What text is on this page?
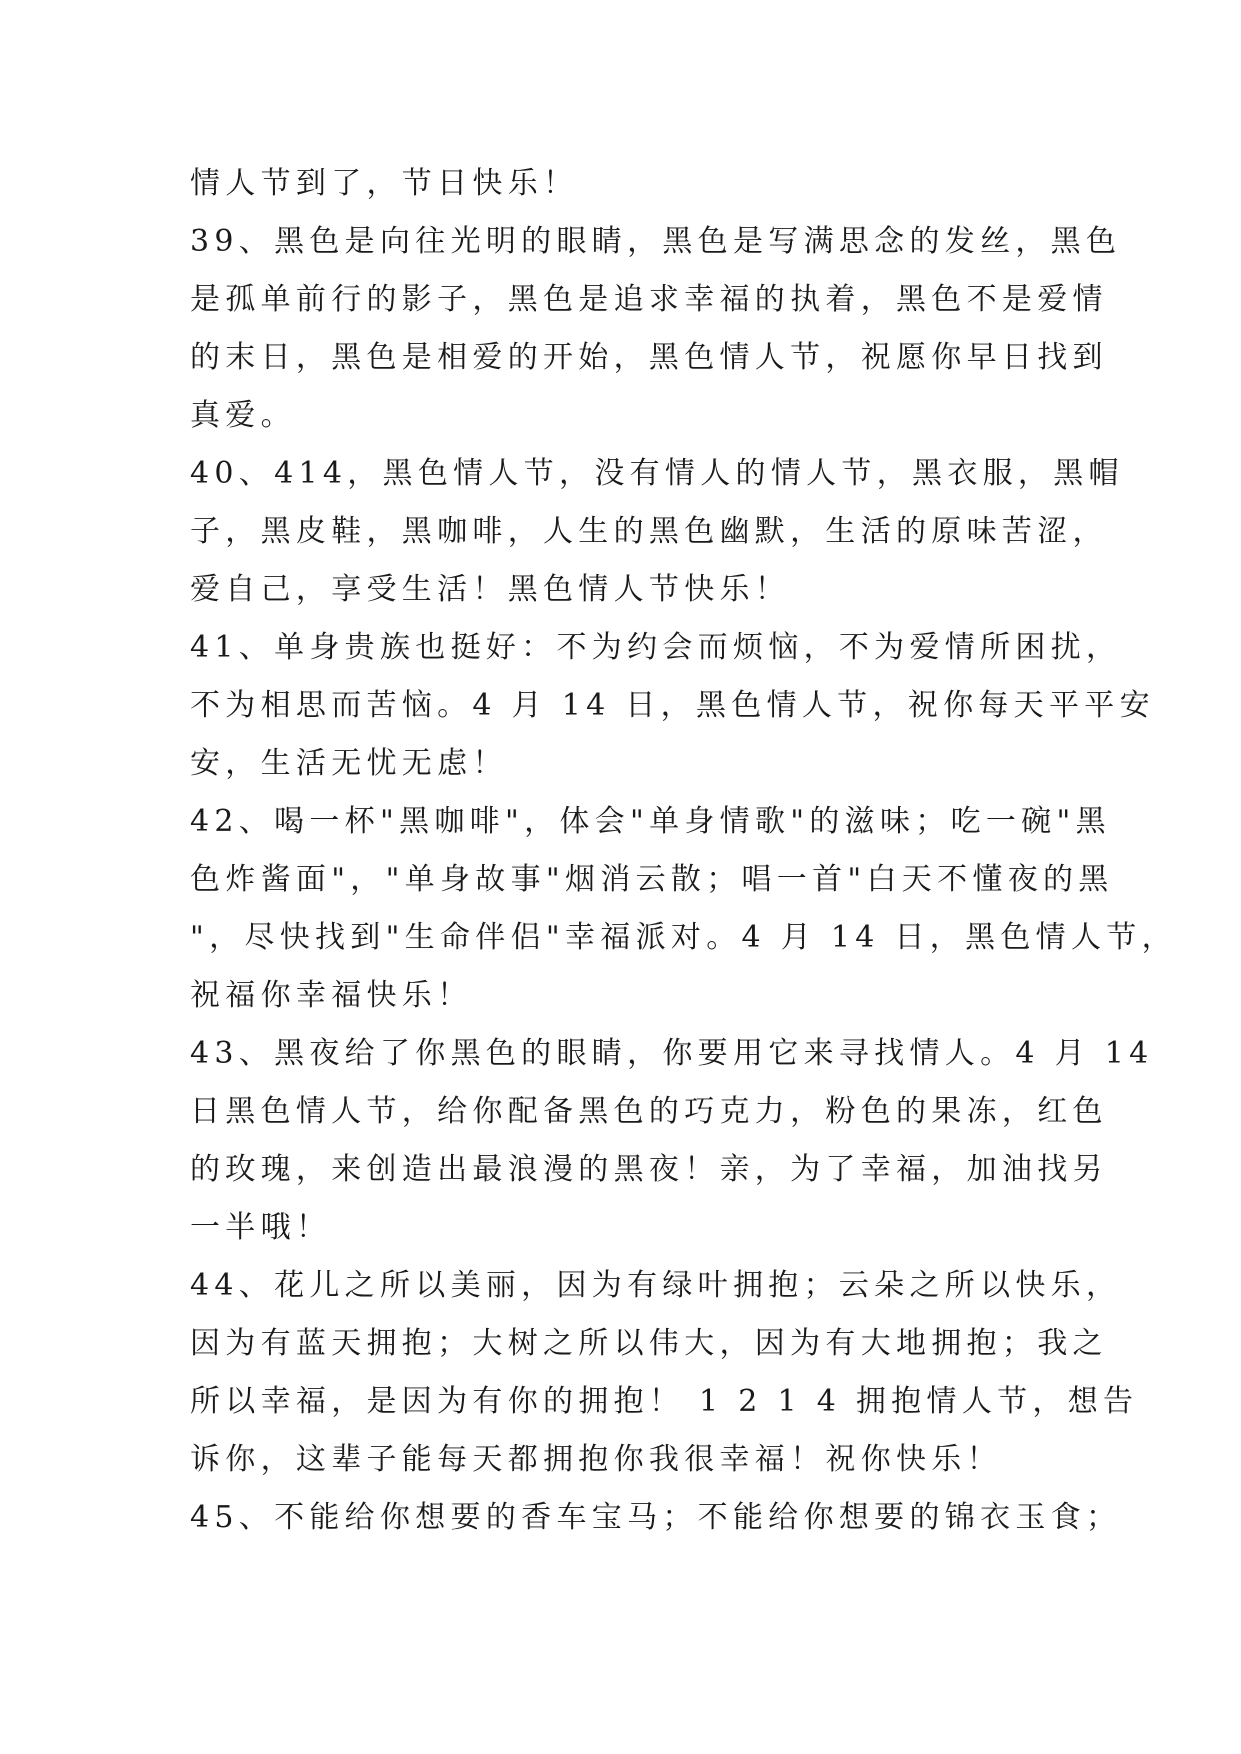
情人节到了，节日快乐！
39、黑色是向往光明的眼睛，黑色是写满思念的发丝，黑色
是孤单前行的影子，黑色是追求幸福的执着，黑色不是爱情
的末日，黑色是相爱的开始，黑色情人节，祝愿你早日找到
真爱。
40、414，黑色情人节，没有情人的情人节，黑衣服，黑帽
子，黑皮鞋，黑咖啡，人生的黑色幽默，生活的原味苦涩，
爱自己，享受生活！黑色情人节快乐！
41、单身贵族也挺好：不为约会而烦恼，不为爱情所困扰，
不为相思而苦恼。4 月 14 日，黑色情人节，祝你每天平平安
安，生活无忧无虑！
42、喝一杯"黑咖啡"，体会"单身情歌"的滋味；吃一碗"黑
色炸酱面"，"单身故事"烟消云散；唱一首"白天不懂夜的黑
"，尽快找到"生命伴侣"幸福派对。4 月 14 日，黑色情人节，
祝福你幸福快乐！
43、黑夜给了你黑色的眼睛，你要用它来寻找情人。4 月 14
日黑色情人节，给你配备黑色的巧克力，粉色的果冻，红色
的玫瑰，来创造出最浪漫的黑夜！亲，为了幸福，加油找另
一半哦！
44、花儿之所以美丽，因为有绿叶拥抱；云朵之所以快乐，
因为有蓝天拥抱；大树之所以伟大，因为有大地拥抱；我之
所以幸福，是因为有你的拥抱！ 1 2 1 4 拥抱情人节，想告
诉你，这辈子能每天都拥抱你我很幸福！祝你快乐！
45、不能给你想要的香车宝马；不能给你想要的锦衣玉食；
